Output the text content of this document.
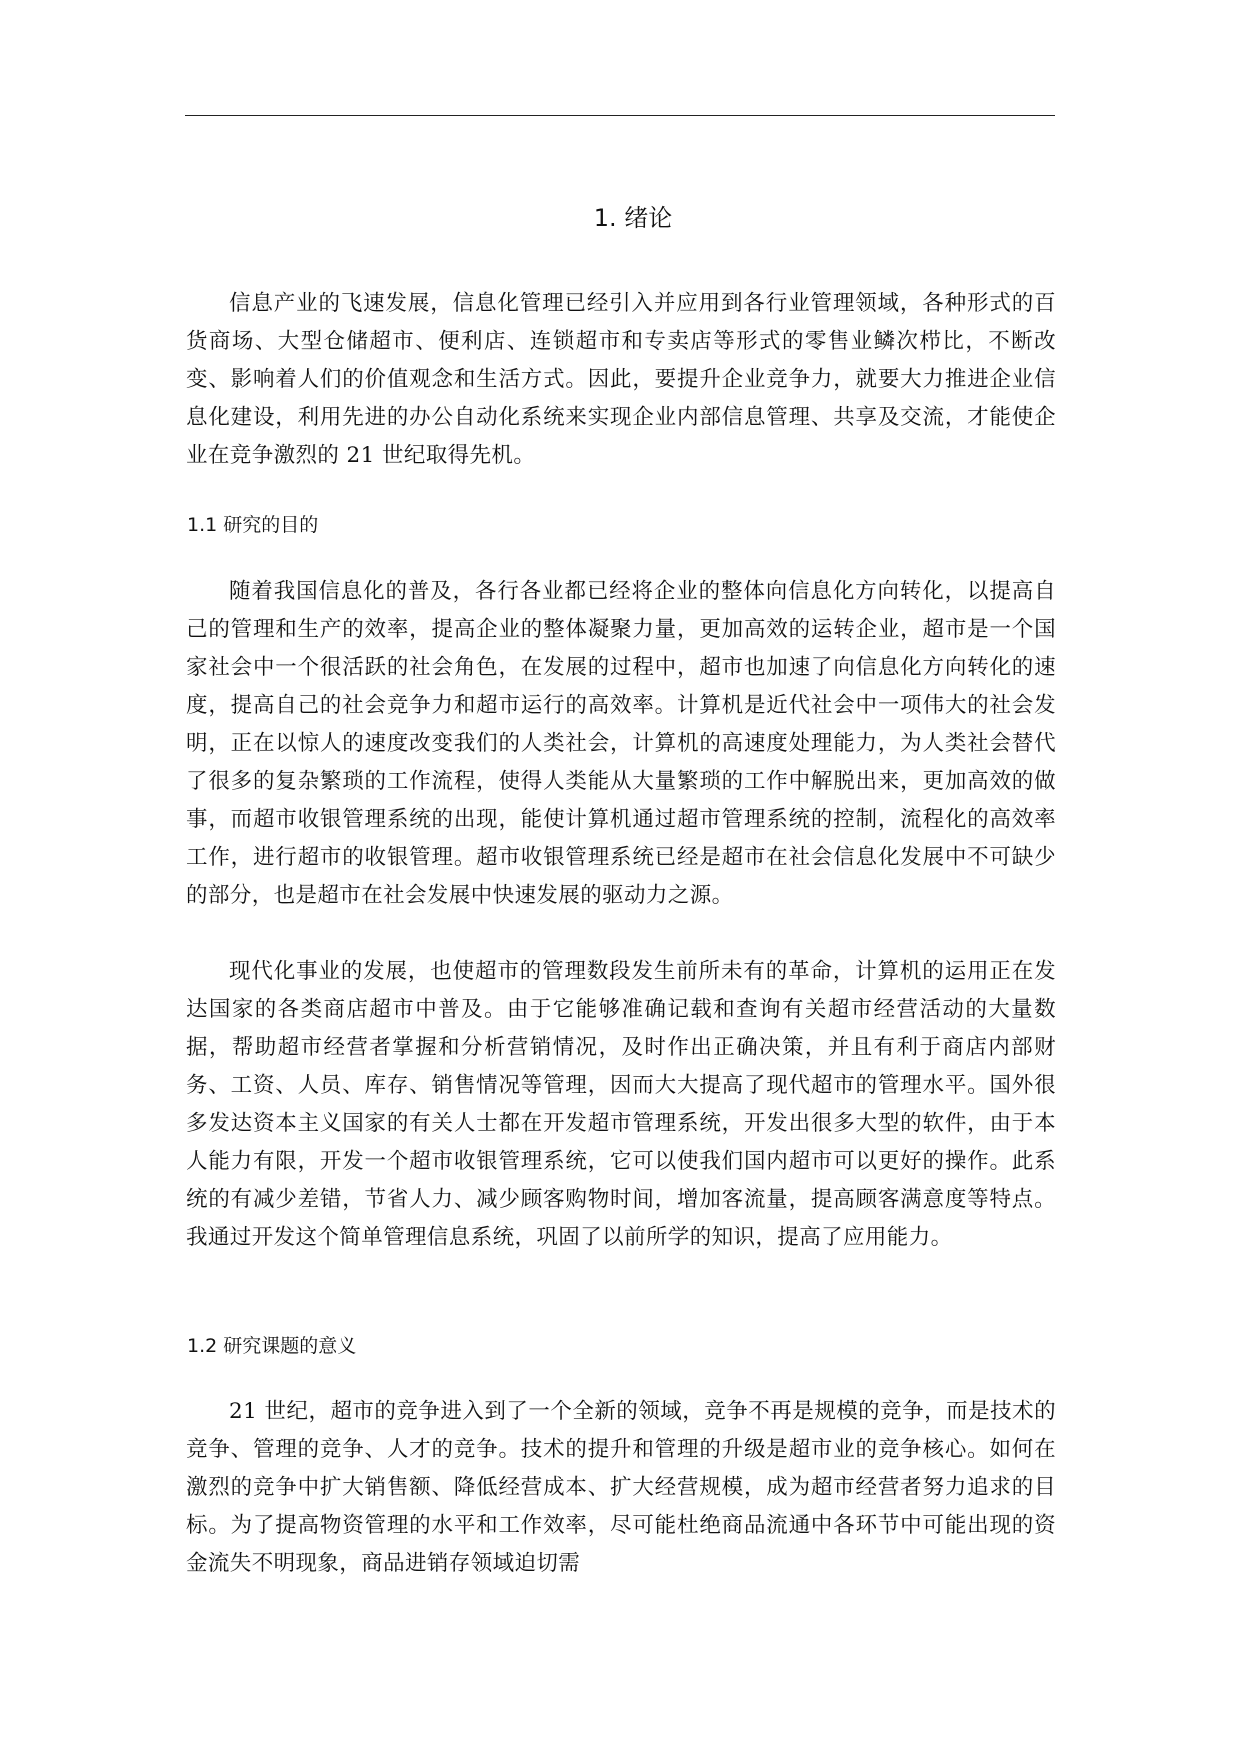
1. 绪论

信息产业的飞速发展，信息化管理已经引入并应用到各行业管理领域，各种形式的百货商场、大型仓储超市、便利店、连锁超市和专卖店等形式的零售业鳞次栉比，不断改变、影响着人们的价值观念和生活方式。因此，要提升企业竞争力，就要大力推进企业信息化建设，利用先进的办公自动化系统来实现企业内部信息管理、共享及交流，才能使企业在竞争激烈的 21 世纪取得先机。

1.1 研究的目的

随着我国信息化的普及，各行各业都已经将企业的整体向信息化方向转化，以提高自己的管理和生产的效率，提高企业的整体凝聚力量，更加高效的运转企业，超市是一个国家社会中一个很活跃的社会角色，在发展的过程中，超市也加速了向信息化方向转化的速度，提高自己的社会竞争力和超市运行的高效率。计算机是近代社会中一项伟大的社会发明，正在以惊人的速度改变我们的人类社会，计算机的高速度处理能力，为人类社会替代了很多的复杂繁琐的工作流程，使得人类能从大量繁琐的工作中解脱出来，更加高效的做事，而超市收银管理系统的出现，能使计算机通过超市管理系统的控制，流程化的高效率工作，进行超市的收银管理。超市收银管理系统已经是超市在社会信息化发展中不可缺少的部分，也是超市在社会发展中快速发展的驱动力之源。

现代化事业的发展，也使超市的管理数段发生前所未有的革命，计算机的运用正在发达国家的各类商店超市中普及。由于它能够准确记载和查询有关超市经营活动的大量数据，帮助超市经营者掌握和分析营销情况，及时作出正确决策，并且有利于商店内部财务、工资、人员、库存、销售情况等管理，因而大大提高了现代超市的管理水平。国外很多发达资本主义国家的有关人士都在开发超市管理系统，开发出很多大型的软件，由于本人能力有限，开发一个超市收银管理系统，它可以使我们国内超市可以更好的操作。此系统的有减少差错，节省人力、减少顾客购物时间，增加客流量，提高顾客满意度等特点。我通过开发这个简单管理信息系统，巩固了以前所学的知识，提高了应用能力。

1.2 研究课题的意义

21 世纪，超市的竞争进入到了一个全新的领域，竞争不再是规模的竞争，而是技术的竞争、管理的竞争、人才的竞争。技术的提升和管理的升级是超市业的竞争核心。如何在激烈的竞争中扩大销售额、降低经营成本、扩大经营规模，成为超市经营者努力追求的目标。为了提高物资管理的水平和工作效率，尽可能杜绝商品流通中各环节中可能出现的资金流失不明现象，商品进销存领域迫切需
